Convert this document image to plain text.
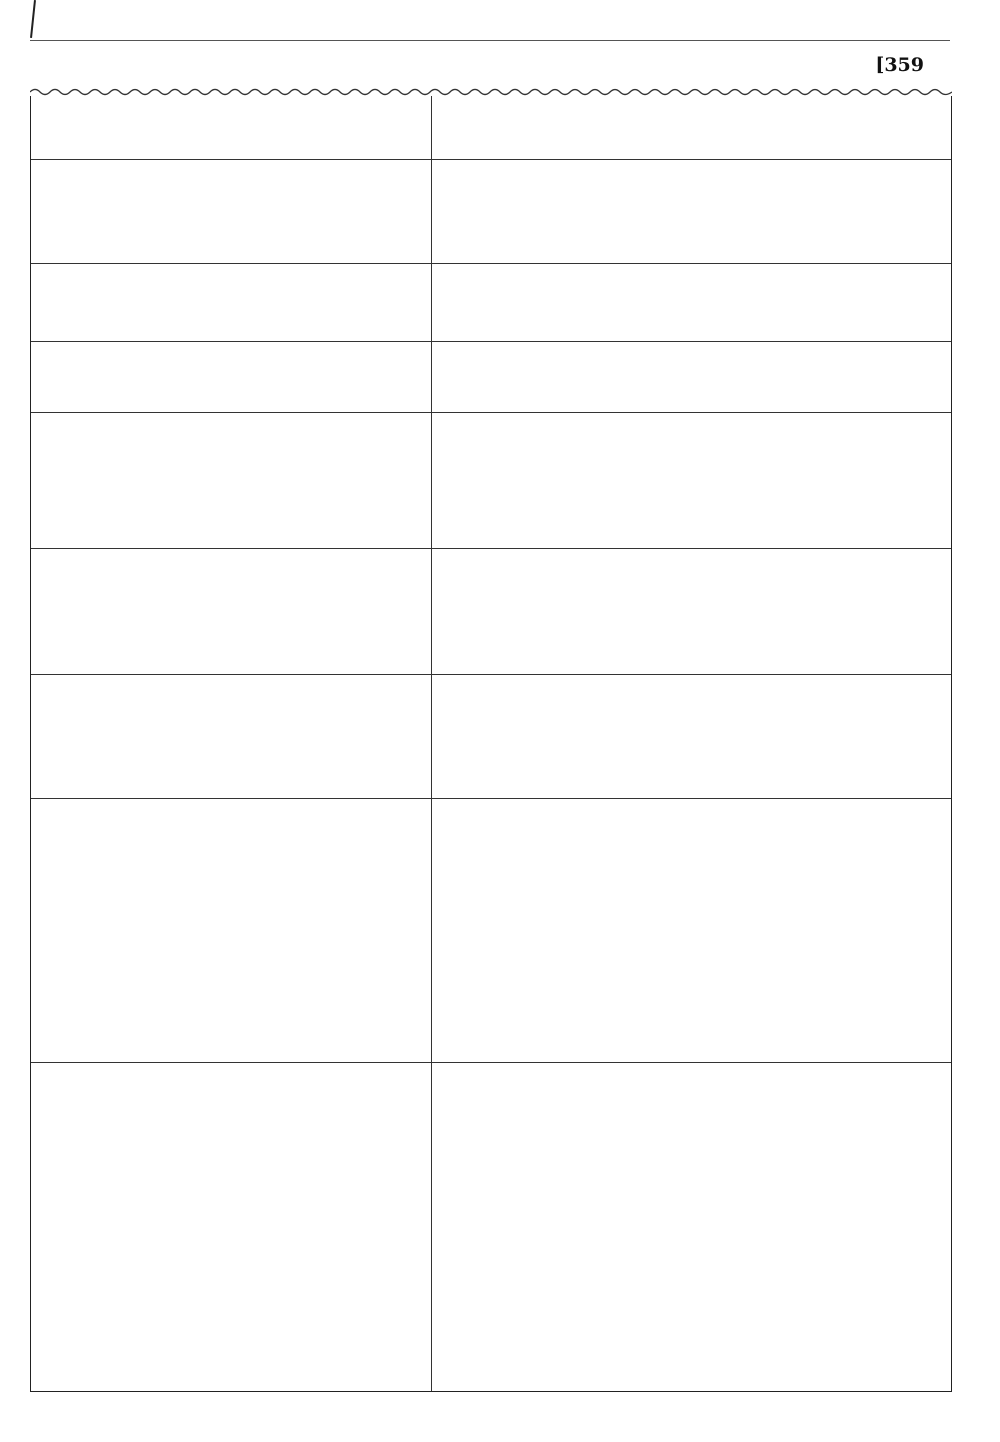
[359
